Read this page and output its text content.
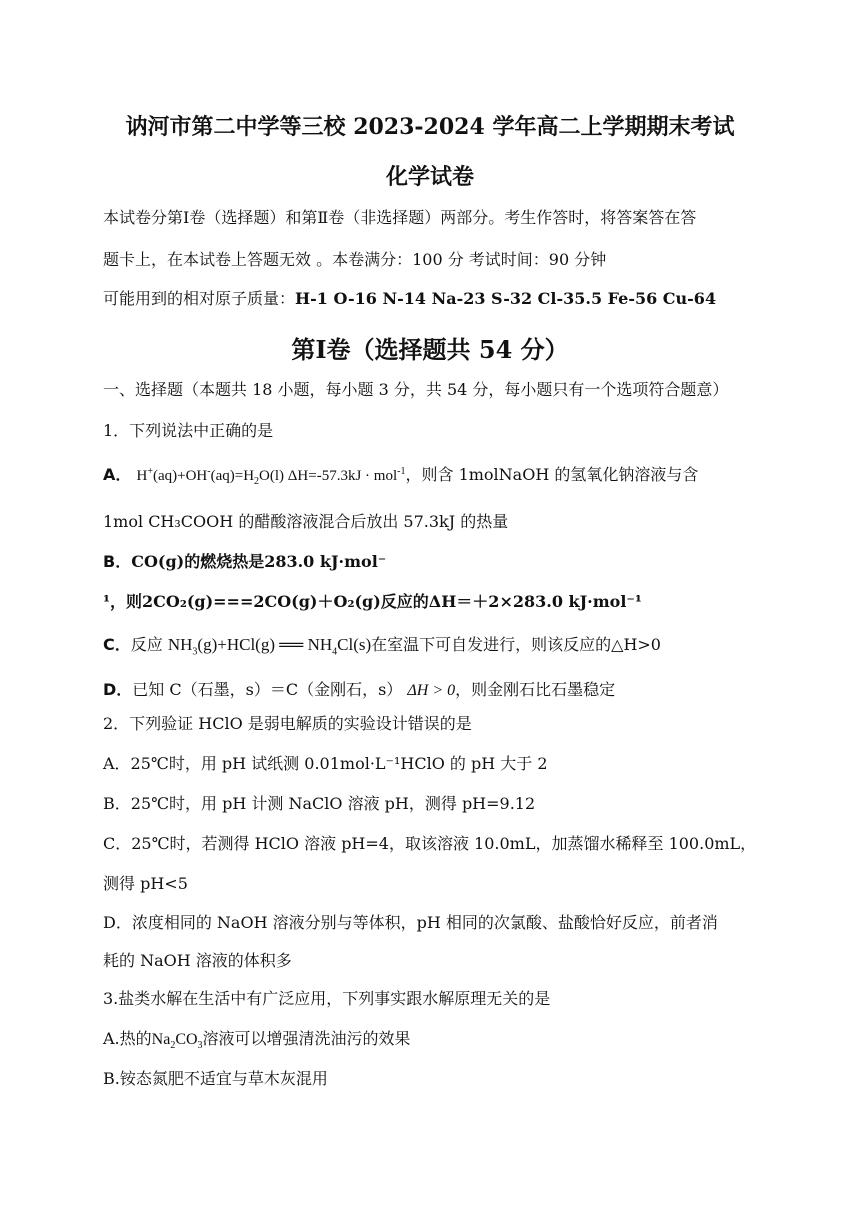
讷河市第二中学等三校 2023-2024 学年高二上学期期末考试
化学试卷
本试卷分第Ⅰ卷（选择题）和第Ⅱ卷（非选择题）两部分。考生作答时，将答案答在答
题卡上，在本试卷上答题无效 。本卷满分：100 分 考试时间：90 分钟
可能用到的相对原子质量：H-1 O-16 N-14 Na-23 S-32 Cl-35.5 Fe-56 Cu-64
第Ⅰ卷（选择题共 54 分）
一、选择题（本题共 18 小题，每小题 3 分，共 54 分，每小题只有一个选项符合题意）
1．下列说法中正确的是
A． $H^+(aq)+OH^-(aq)=H_2O(l) \Delta H=-57.3kJ \cdot mol^{-1}$，则含 1molNaOH 的氢氧化钠溶液与含
1mol CH₃COOH 的醋酸溶液混合后放出 57.3kJ 的热量
B．CO(g)的燃烧热是283.0 kJ·mol⁻
¹，则2CO₂(g)===2CO(g)＋O₂(g)反应的ΔH＝＋2×283.0 kJ·mol⁻¹
C．反应 $NH_3(g)+HCl(g)$ ══ $NH_4Cl(s)$在室温下可自发进行，则该反应的△H>0
D．已知 C（石墨，s）＝C（金刚石，s） ΔH > 0，则金刚石比石墨稳定
2．下列验证 HClO 是弱电解质的实验设计错误的是
A．25℃时，用 pH 试纸测 0.01mol·L⁻¹HClO 的 pH 大于 2
B．25℃时，用 pH 计测 NaClO 溶液 pH，测得 pH=9.12
C．25℃时，若测得 HClO 溶液 pH=4，取该溶液 10.0mL，加蒸馏水稀释至 100.0mL，
测得 pH<5
D．浓度相同的 NaOH 溶液分别与等体积，pH 相同的次氯酸、盐酸恰好反应，前者消
耗的 NaOH 溶液的体积多
3.盐类水解在生活中有广泛应用，下列事实跟水解原理无关的是
A.热的$Na_2CO_3$溶液可以增强清洗油污的效果
B.铵态氮肥不适宜与草木灰混用
